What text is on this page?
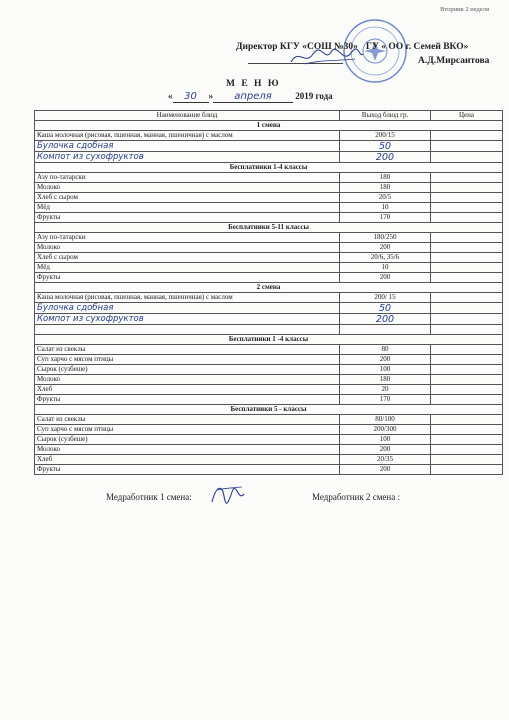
Вторник 2 неделя
Директор КГУ «СОШ №30» ГУ « ОО г. Семей ВКО»
А.Д.Мирсаитова
М Е Н Ю
« 30 » апреля	2019 года
Наименование блюд	Выход блюд гр.	Цена
1 смена		
Каша молочная (рисовая, пшенная, манная, пшеничная) с маслом	200/15	
Булочка сдобная	50	
Компот из сухофруктов	200	
Бесплатники 1-4 классы		
Азу по-татарски	180	
Молоко	180	
Хлеб с сыром	20/5	
Мёд	10	
Фрукты	170	
Бесплатники 5-11 классы		
Азу по-татарски	180/250	
Молоко	200	
Хлеб с сыром	20/6, 35/6	
Мёд	10	
Фрукты	200	
2 смена		
Каша молочная (рисовая, пшенная, манная, пшеничная) с маслом	200/ 15	
Булочка сдобная	50	
Компот из сухофруктов	200	

Бесплатники 1 -4 классы		
Салат из свеклы	80	
Суп харчо с мясом птицы	200	
Сырок (сузбеше)	100	
Молоко	180	
Хлеб	20	
Фрукты	170	
Бесплатники 5 - классы		
Салат из свеклы	80/100	
Суп харчо с мясом птицы	200/300	
Сырок (сузбеше)	100	
Молоко	200	
Хлеб	20/35	
Фрукты	200	
Медработник 1 смена:	Медработник 2 смена :
